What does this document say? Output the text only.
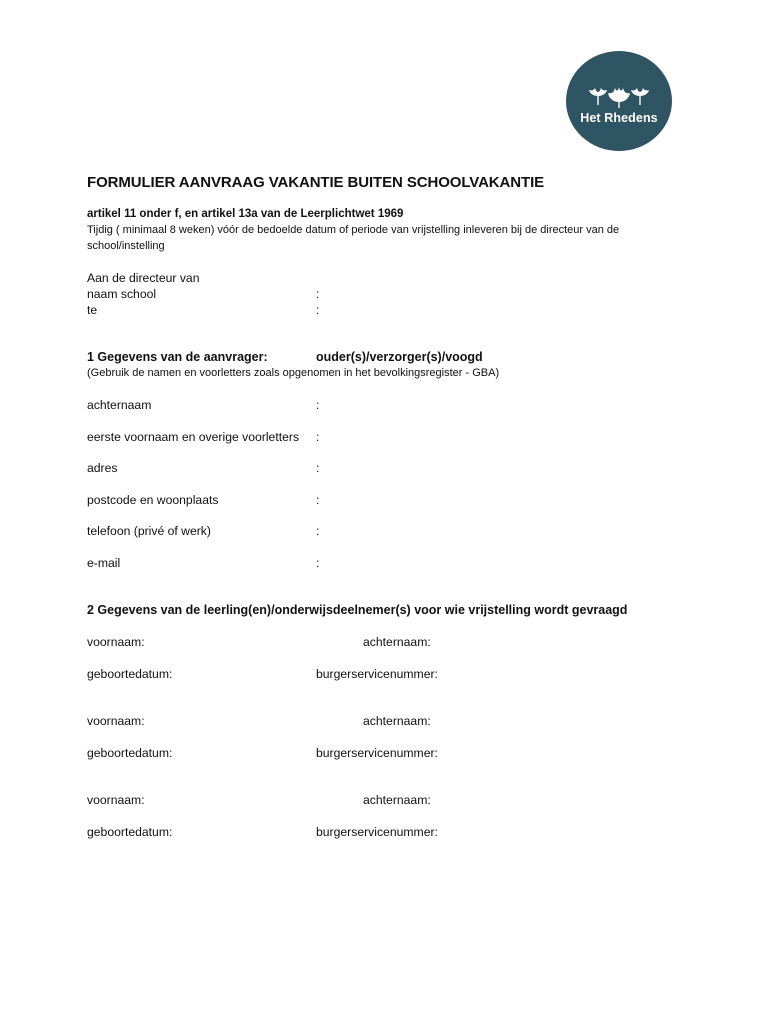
Het Rhedens
FORMULIER AANVRAAG VAKANTIE BUITEN SCHOOLVAKANTIE
artikel 11 onder f, en artikel 13a van de Leerplichtwet 1969
Tijdig ( minimaal 8 weken) vóór de bedoelde datum of periode van vrijstelling inleveren bij de directeur van de
school/instelling
Aan de directeur van
naam school	:
te	:
1 Gegevens van de aanvrager:	ouder(s)/verzorger(s)/voogd
(Gebruik de namen en voorletters zoals opgenomen in het bevolkingsregister - GBA)
achternaam	:
eerste voornaam en overige voorletters :
adres	:
postcode en woonplaats	:
telefoon (privé of werk)	:
e-mail	:
2 Gegevens van de leerling(en)/onderwijsdeelnemer(s) voor wie vrijstelling wordt gevraagd
voornaam:	achternaam:
geboortedatum:	burgerservicenummer:
voornaam:	achternaam:
geboortedatum:	burgerservicenummer:
voornaam:	achternaam:
geboortedatum:	burgerservicenummer:
